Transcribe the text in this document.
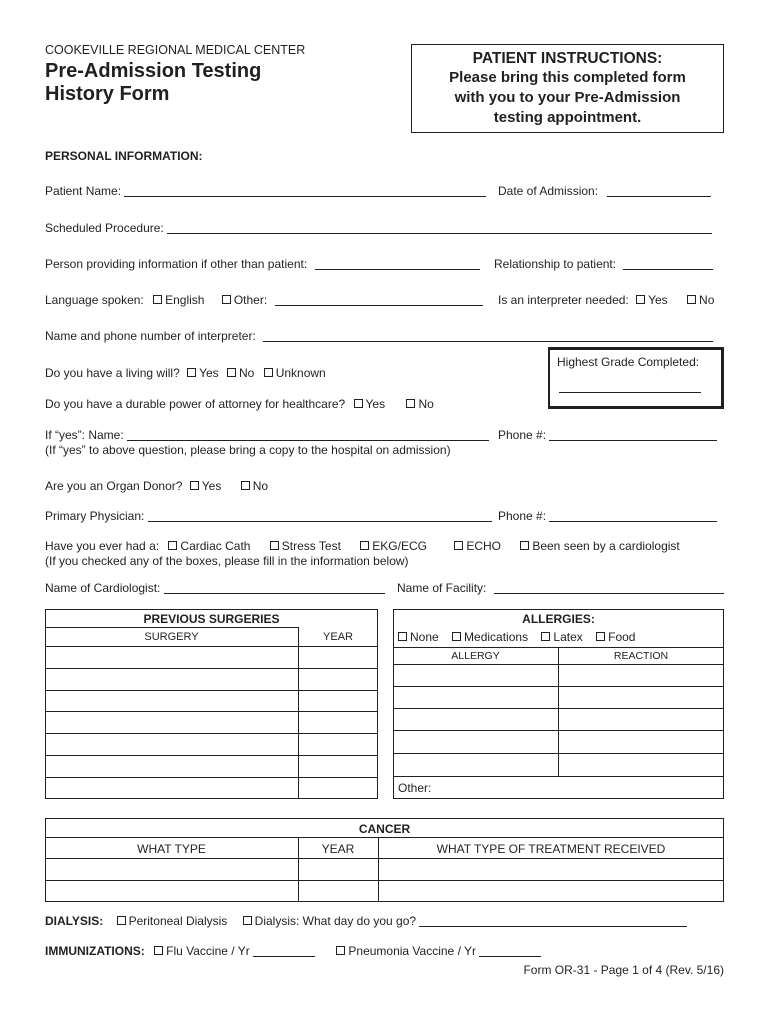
COOKEVILLE REGIONAL MEDICAL CENTER
Pre-Admission Testing
History Form
PATIENT INSTRUCTIONS:
Please bring this completed form
with you to your Pre-Admission
testing appointment.
PERSONAL INFORMATION:
Patient Name:	Date of Admission:
Scheduled Procedure:
Person providing information if other than patient:	Relationship to patient:
Language spoken: English Other:	Is an interpreter needed: Yes	No
Name and phone number of interpreter:
Highest Grade Completed:
Do you have a living will? Yes No Unknown
Do you have a durable power of attorney for healthcare? Yes	No
If “yes”: Name:	Phone #:
(If “yes” to above question, please bring a copy to the hospital on admission)
Are you an Organ Donor? Yes	No
Primary Physician:	Phone #:
Have you ever had a: Cardiac Cath	Stress Test	EKG/ECG	ECHO	Been seen by a cardiologist
(If you checked any of the boxes, please fill in the information below)
Name of Cardiologist:	Name of Facility:
PREVIOUS SURGERIES
SURGERY	YEAR
ALLERGIES:
None Medications Latex Food
ALLERGY	REACTION
Other:
CANCER
WHAT TYPE	YEAR	WHAT TYPE OF TREATMENT RECEIVED
DIALYSIS: Peritoneal Dialysis Dialysis: What day do you go?
IMMUNIZATIONS: Flu Vaccine / Yr	Pneumonia Vaccine / Yr
Form OR-31 - Page 1 of 4 (Rev. 5/16)
